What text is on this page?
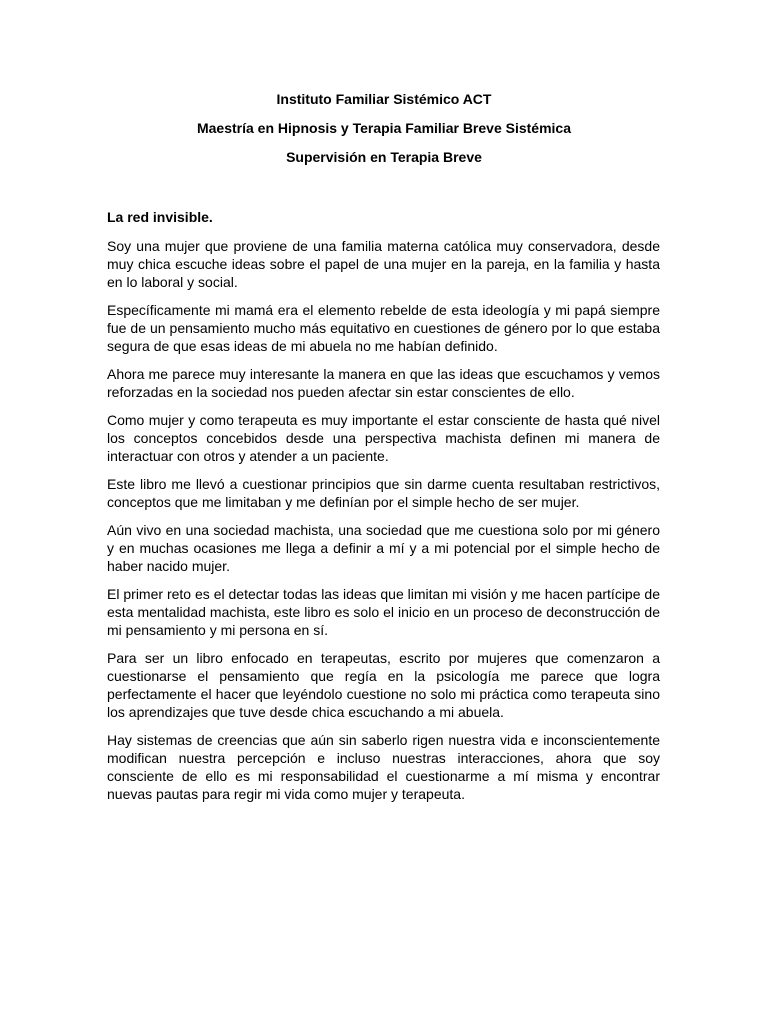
Instituto Familiar Sistémico ACT

Maestría en Hipnosis y Terapia Familiar Breve Sistémica

Supervisión en Terapia Breve

La red invisible.

Soy una mujer que proviene de una familia materna católica muy conservadora, desde muy chica escuche ideas sobre el papel de una mujer en la pareja, en la familia y hasta en lo laboral y social.

Específicamente mi mamá era el elemento rebelde de esta ideología y mi papá siempre fue de un pensamiento mucho más equitativo en cuestiones de género por lo que estaba segura de que esas ideas de mi abuela no me habían definido.

Ahora me parece muy interesante la manera en que las ideas que escuchamos y vemos reforzadas en la sociedad nos pueden afectar sin estar conscientes de ello.

Como mujer y como terapeuta es muy importante el estar consciente de hasta qué nivel los conceptos concebidos desde una perspectiva machista definen mi manera de interactuar con otros y atender a un paciente.

Este libro me llevó a cuestionar principios que sin darme cuenta resultaban restrictivos, conceptos que me limitaban y me definían por el simple hecho de ser mujer.

Aún vivo en una sociedad machista, una sociedad que me cuestiona solo por mi género y en muchas ocasiones me llega a definir a mí y a mi potencial por el simple hecho de haber nacido mujer.

El primer reto es el detectar todas las ideas que limitan mi visión y me hacen partícipe de esta mentalidad machista, este libro es solo el inicio en un proceso de deconstrucción de mi pensamiento y mi persona en sí.

Para ser un libro enfocado en terapeutas, escrito por mujeres que comenzaron a cuestionarse el pensamiento que regía en la psicología me parece que logra perfectamente el hacer que leyéndolo cuestione no solo mi práctica como terapeuta sino los aprendizajes que tuve desde chica escuchando a mi abuela.

Hay sistemas de creencias que aún sin saberlo rigen nuestra vida e inconscientemente modifican nuestra percepción e incluso nuestras interacciones, ahora que soy consciente de ello es mi responsabilidad el cuestionarme a mí misma y encontrar nuevas pautas para regir mi vida como mujer y terapeuta.
